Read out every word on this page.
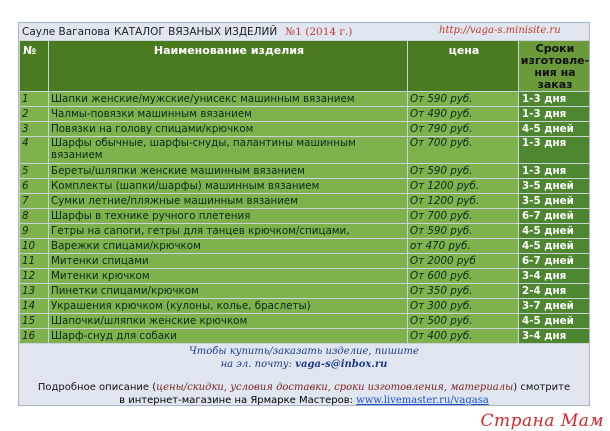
Сауле Вагапова КАТАЛОГ ВЯЗАНЫХ ИЗДЕЛИЙ №1 (2014 г.)	http://vaga-s.minisite.ru
№	Наименование изделия	цена	Сроки изготовле-ния на заказ
1	Шапки женские/мужские/унисекс машинным вязанием	От 590 руб.	1-3 дня
2	Чалмы-повязки машинным вязанием	От 490 руб.	1-3 дня
3	Повязки на голову спицами/крючком	От 790 руб.	4-5 дней
4	Шарфы обычные, шарфы-снуды, палантины машинным вязанием	От 700 руб.	1-3 дня
5	Береты/шляпки женские машинным вязанием	От 590 руб.	1-3 дня
6	Комплекты (шапки/шарфы) машинным вязанием	От 1200 руб.	3-5 дней
7	Сумки летние/пляжные машинным вязанием	От 1200 руб.	3-5 дней
8	Шарфы в технике ручного плетения	От 700 руб.	6-7 дней
9	Гетры на сапоги, гетры для танцев крючком/спицами,	От 590 руб.	4-5 дней
10	Варежки спицами/крючком	от 470 руб.	4-5 дней
11	Митенки спицами	От 2000 руб	6-7 дней
12	Митенки крючком	От 600 руб.	3-4 дня
13	Пинетки спицами/крючком	От 350 руб.	2-4 дня
14	Украшения крючком (кулоны, колье, браслеты)	От 300 руб.	3-7 дней
15	Шапочки/шляпки женские крючком	От 500 руб.	4-5 дней
16	Шарф-снуд для собаки	От 400 руб.	3-4 дня
Чтобы купить/заказать изделие, пишите
на эл. почту: vaga-s@inbox.ru
Подробное описание (цены/скидки, условия доставки, сроки изготовления, материалы) смотрите
в интернет-магазине на Ярмарке Мастеров: www.livemaster.ru/vagasa
Страна Мам
